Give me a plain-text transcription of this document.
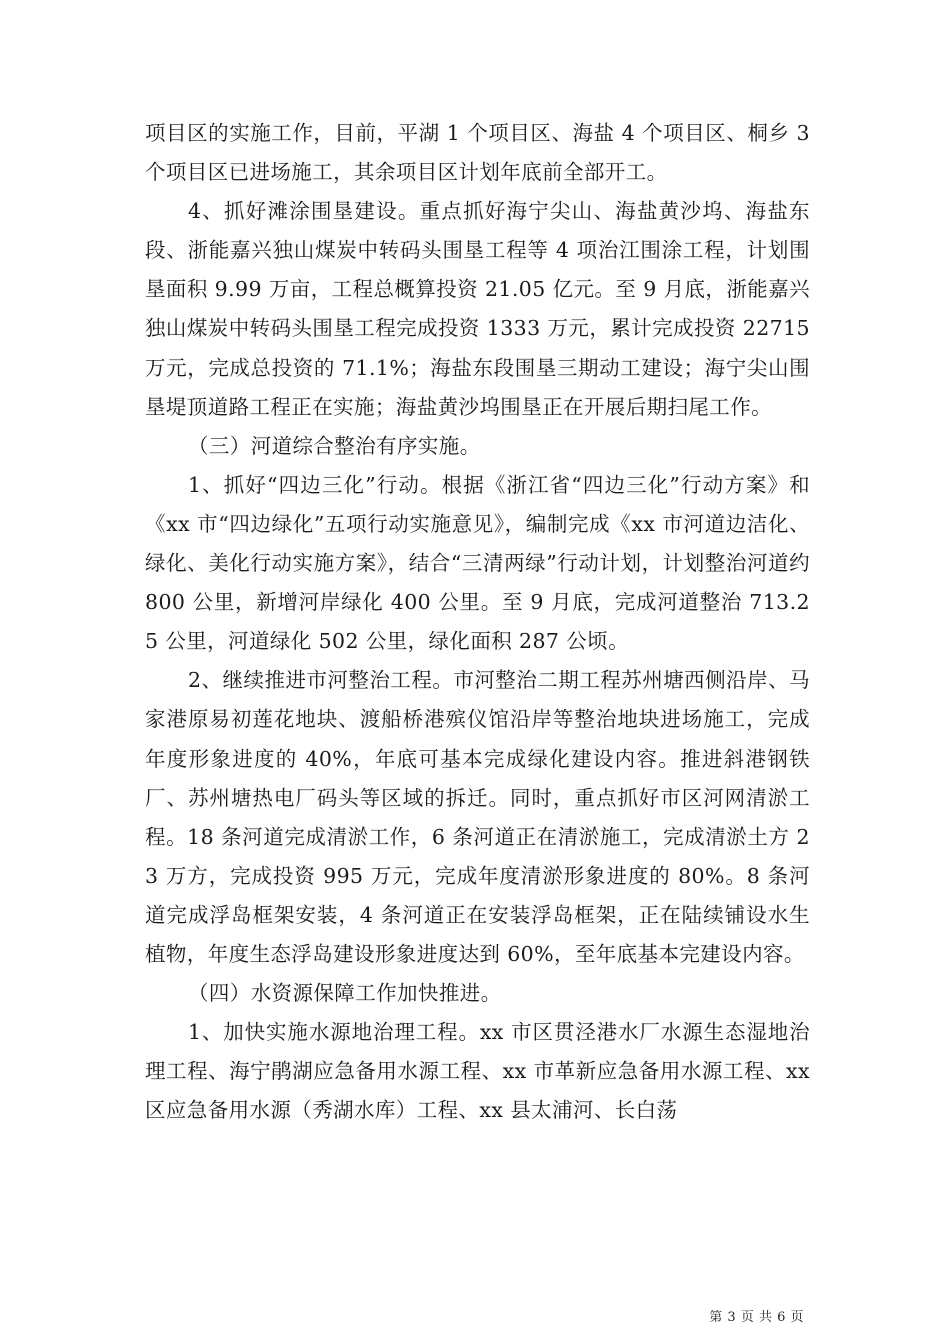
项目区的实施工作，目前，平湖 1 个项目区、海盐 4 个项目区、桐乡 3 个项目区已进场施工，其余项目区计划年底前全部开工。

4、抓好滩涂围垦建设。重点抓好海宁尖山、海盐黄沙坞、海盐东段、浙能嘉兴独山煤炭中转码头围垦工程等 4 项治江围涂工程，计划围垦面积 9.99 万亩，工程总概算投资 21.05 亿元。至 9 月底，浙能嘉兴独山煤炭中转码头围垦工程完成投资 1333 万元，累计完成投资 22715 万元，完成总投资的 71.1%；海盐东段围垦三期动工建设；海宁尖山围垦堤顶道路工程正在实施；海盐黄沙坞围垦正在开展后期扫尾工作。

（三）河道综合整治有序实施。

1、抓好“四边三化”行动。根据《浙江省“四边三化”行动方案》和《xx 市“四边绿化”五项行动实施意见》，编制完成《xx 市河道边洁化、绿化、美化行动实施方案》，结合“三清两绿”行动计划，计划整治河道约 800 公里，新增河岸绿化 400 公里。至 9 月底，完成河道整治 713.25 公里，河道绿化 502 公里，绿化面积 287 公顷。

2、继续推进市河整治工程。市河整治二期工程苏州塘西侧沿岸、马家港原易初莲花地块、渡船桥港殡仪馆沿岸等整治地块进场施工，完成年度形象进度的 40%，年底可基本完成绿化建设内容。推进斜港钢铁厂、苏州塘热电厂码头等区域的拆迁。同时，重点抓好市区河网清淤工程。18 条河道完成清淤工作，6 条河道正在清淤施工，完成清淤土方 23 万方，完成投资 995 万元，完成年度清淤形象进度的 80%。8 条河道完成浮岛框架安装，4 条河道正在安装浮岛框架，正在陆续铺设水生植物，年度生态浮岛建设形象进度达到 60%，至年底基本完建设内容。

（四）水资源保障工作加快推进。

1、加快实施水源地治理工程。xx 市区贯泾港水厂水源生态湿地治理工程、海宁鹃湖应急备用水源工程、xx 市革新应急备用水源工程、xx 区应急备用水源（秀湖水库）工程、xx 县太浦河、长白荡

第 3 页 共 6 页
